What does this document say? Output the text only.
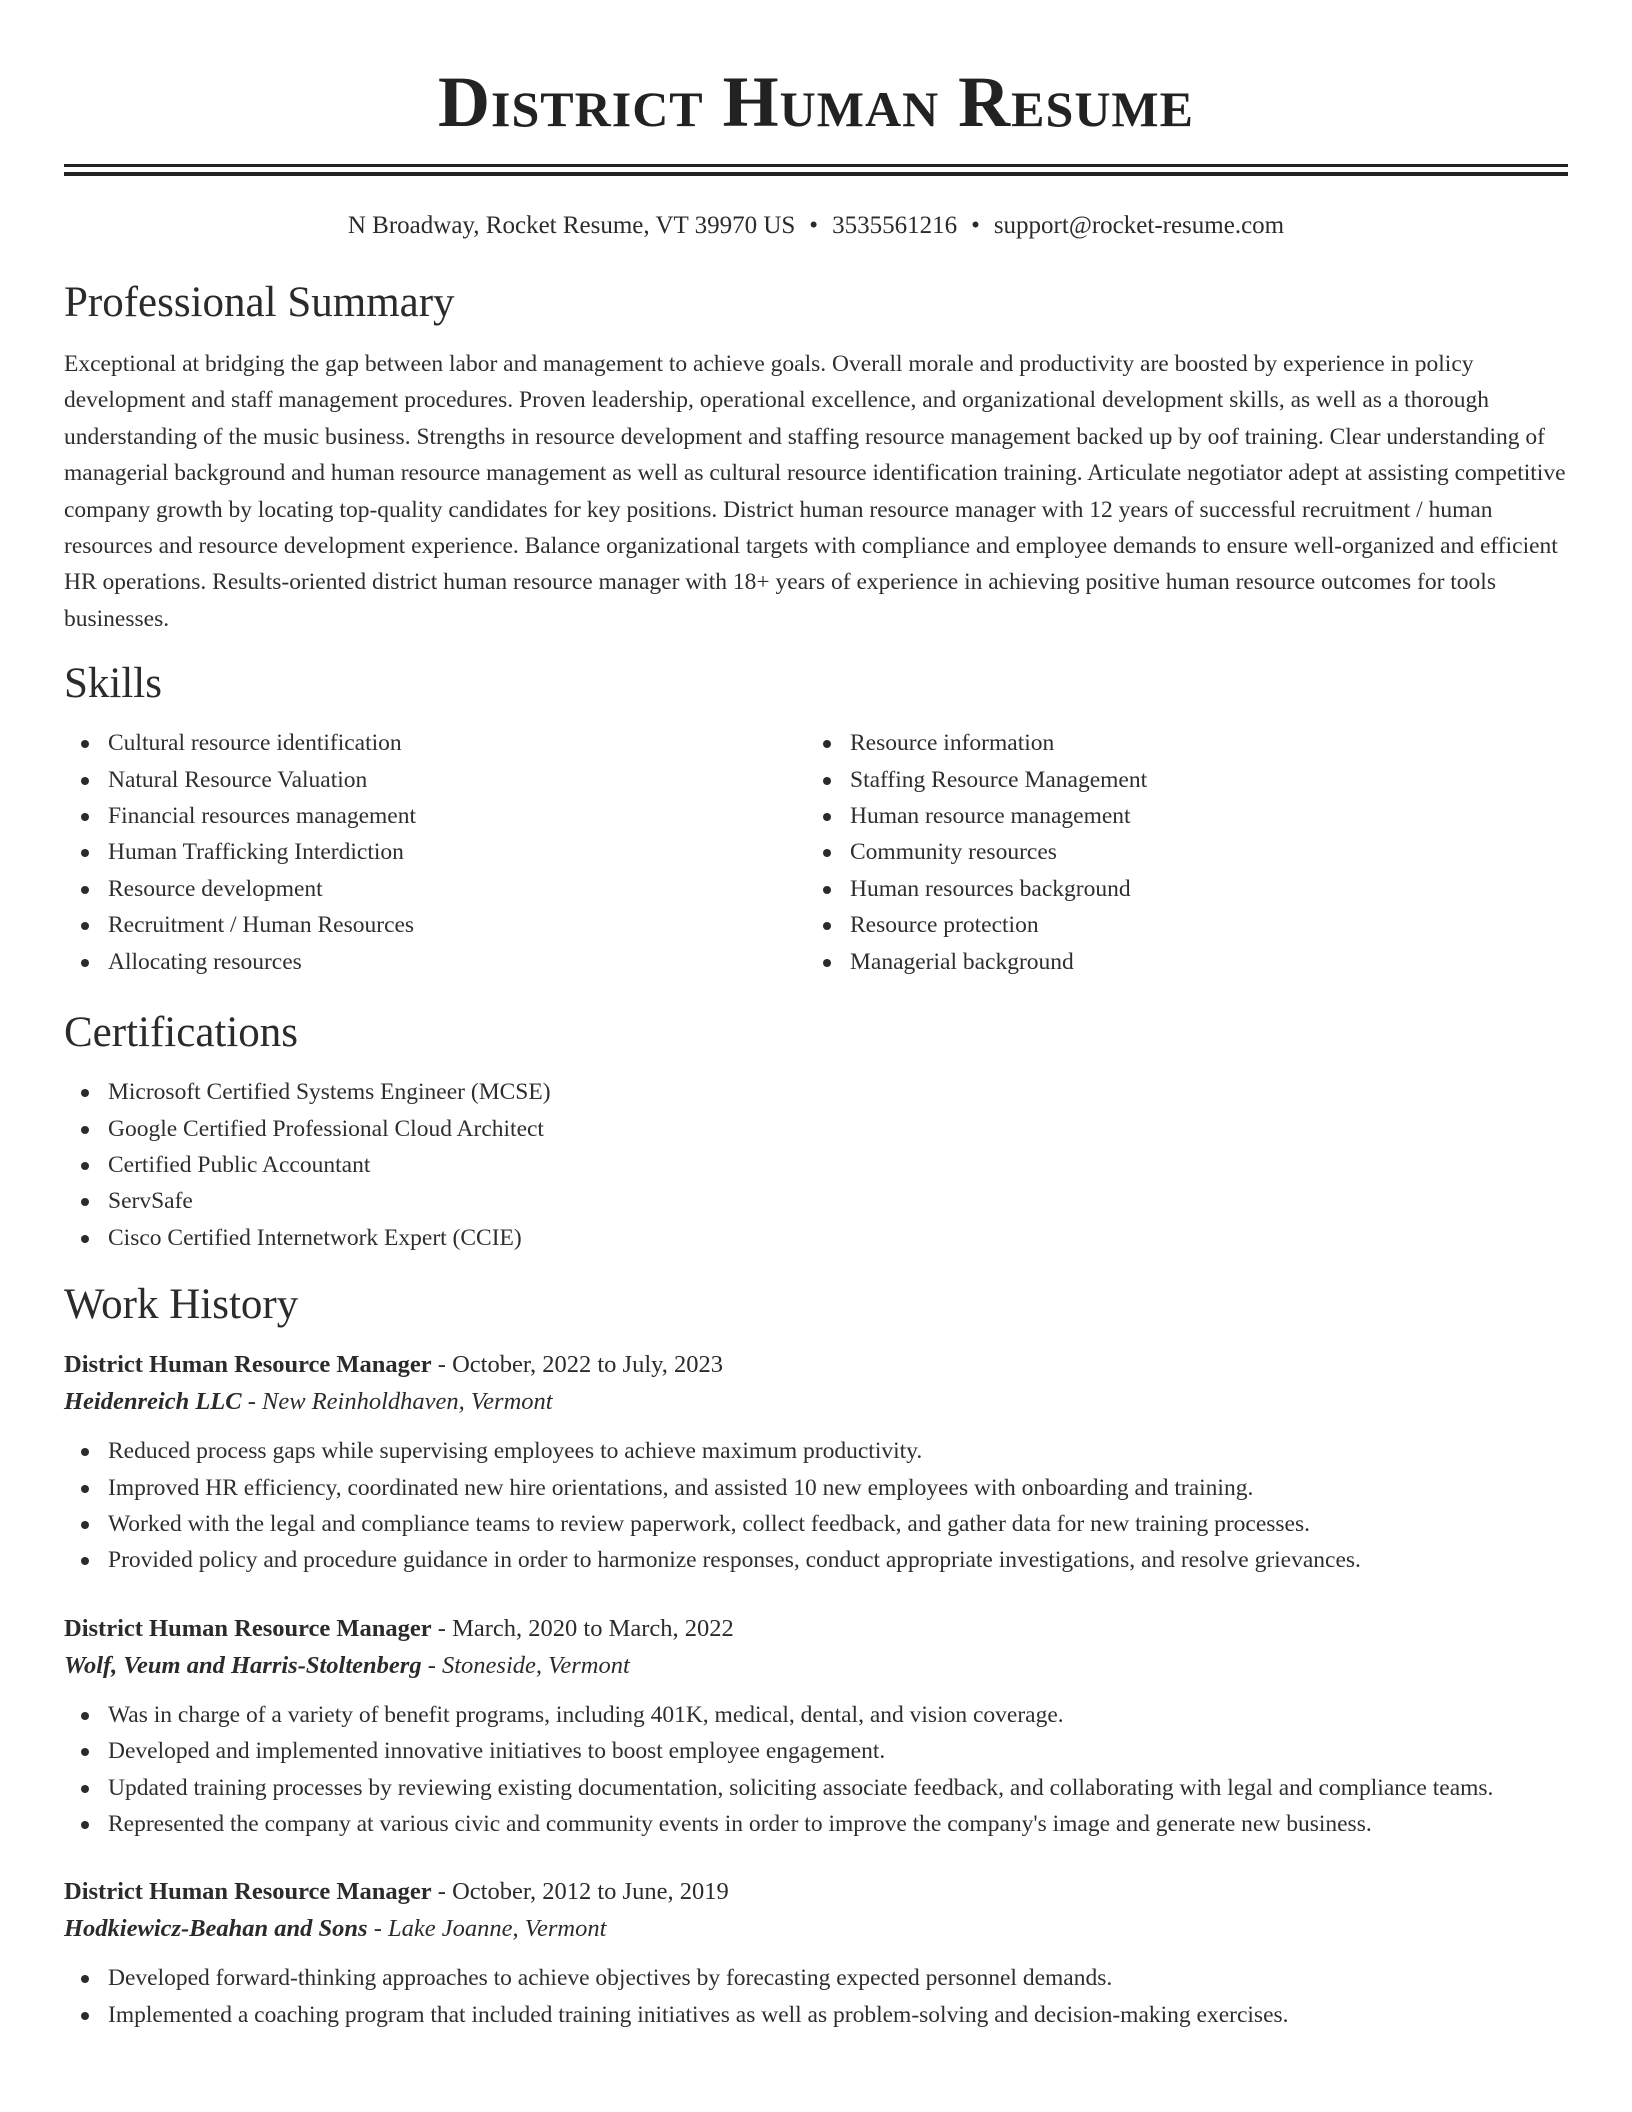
District Human Resume
N Broadway, Rocket Resume, VT 39970 US • 3535561216 • support@rocket-resume.com
Professional Summary

Exceptional at bridging the gap between labor and management to achieve goals. Overall morale and productivity are boosted by experience in policy development and staff management procedures. Proven leadership, operational excellence, and organizational development skills, as well as a thorough understanding of the music business. Strengths in resource development and staffing resource management backed up by oof training. Clear understanding of managerial background and human resource management as well as cultural resource identification training. Articulate negotiator adept at assisting competitive company growth by locating top-quality candidates for key positions. District human resource manager with 12 years of successful recruitment / human resources and resource development experience. Balance organizational targets with compliance and employee demands to ensure well-organized and efficient HR operations. Results-oriented district human resource manager with 18+ years of experience in achieving positive human resource outcomes for tools businesses.

Skills
Cultural resource identification
Natural Resource Valuation
Financial resources management
Human Trafficking Interdiction
Resource development
Recruitment / Human Resources
Allocating resources
Resource information
Staffing Resource Management
Human resource management
Community resources
Human resources background
Resource protection
Managerial background
Certifications
Microsoft Certified Systems Engineer (MCSE)
Google Certified Professional Cloud Architect
Certified Public Accountant
ServSafe
Cisco Certified Internetwork Expert (CCIE)
Work History
District Human Resource Manager - October, 2022 to July, 2023
Heidenreich LLC - New Reinholdhaven, Vermont
Reduced process gaps while supervising employees to achieve maximum productivity.
Improved HR efficiency, coordinated new hire orientations, and assisted 10 new employees with onboarding and training.
Worked with the legal and compliance teams to review paperwork, collect feedback, and gather data for new training processes.
Provided policy and procedure guidance in order to harmonize responses, conduct appropriate investigations, and resolve grievances.
District Human Resource Manager - March, 2020 to March, 2022
Wolf, Veum and Harris-Stoltenberg - Stoneside, Vermont
Was in charge of a variety of benefit programs, including 401K, medical, dental, and vision coverage.
Developed and implemented innovative initiatives to boost employee engagement.
Updated training processes by reviewing existing documentation, soliciting associate feedback, and collaborating with legal and compliance teams.
Represented the company at various civic and community events in order to improve the company's image and generate new business.
District Human Resource Manager - October, 2012 to June, 2019
Hodkiewicz-Beahan and Sons - Lake Joanne, Vermont
Developed forward-thinking approaches to achieve objectives by forecasting expected personnel demands.
Implemented a coaching program that included training initiatives as well as problem-solving and decision-making exercises.
